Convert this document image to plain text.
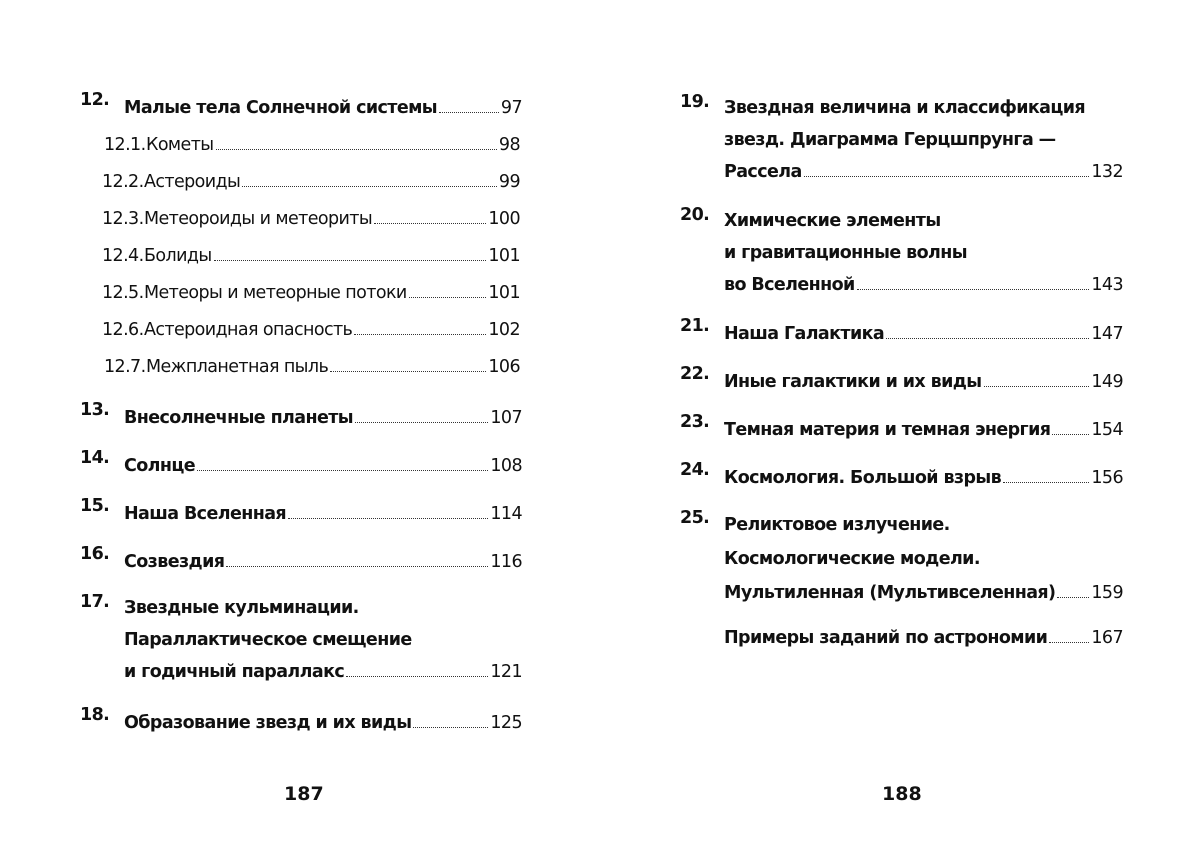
12. Малые тела Солнечной системы	97
12.1. Кометы	98
12.2. Астероиды	99
12.3. Метеороиды и метеориты	100
12.4. Болиды	101
12.5. Метеоры и метеорные потоки	101
12.6. Астероидная опасность	102
12.7. Межпланетная пыль	106
13. Внесолнечные планеты	107
14. Солнце	108
15. Наша Вселенная	114
16. Созвездия	116
17. Звездные кульминации.
Параллактическое смещение
и годичный параллакс	121
18. Образование звезд и их виды	125
187
19. Звездная величина и классификация
звезд. Диаграмма Герцшпрунга —
Рассела	132
20. Химические элементы
и гравитационные волны
во Вселенной	143
21. Наша Галактика	147
22. Иные галактики и их виды	149
23. Темная материя и темная энергия 154
24. Космология. Большой взрыв	156
25. Реликтовое излучение.
Космологические модели.
Мультиленная (Мультивселенная) 159
Примеры заданий по астрономии	167
188
